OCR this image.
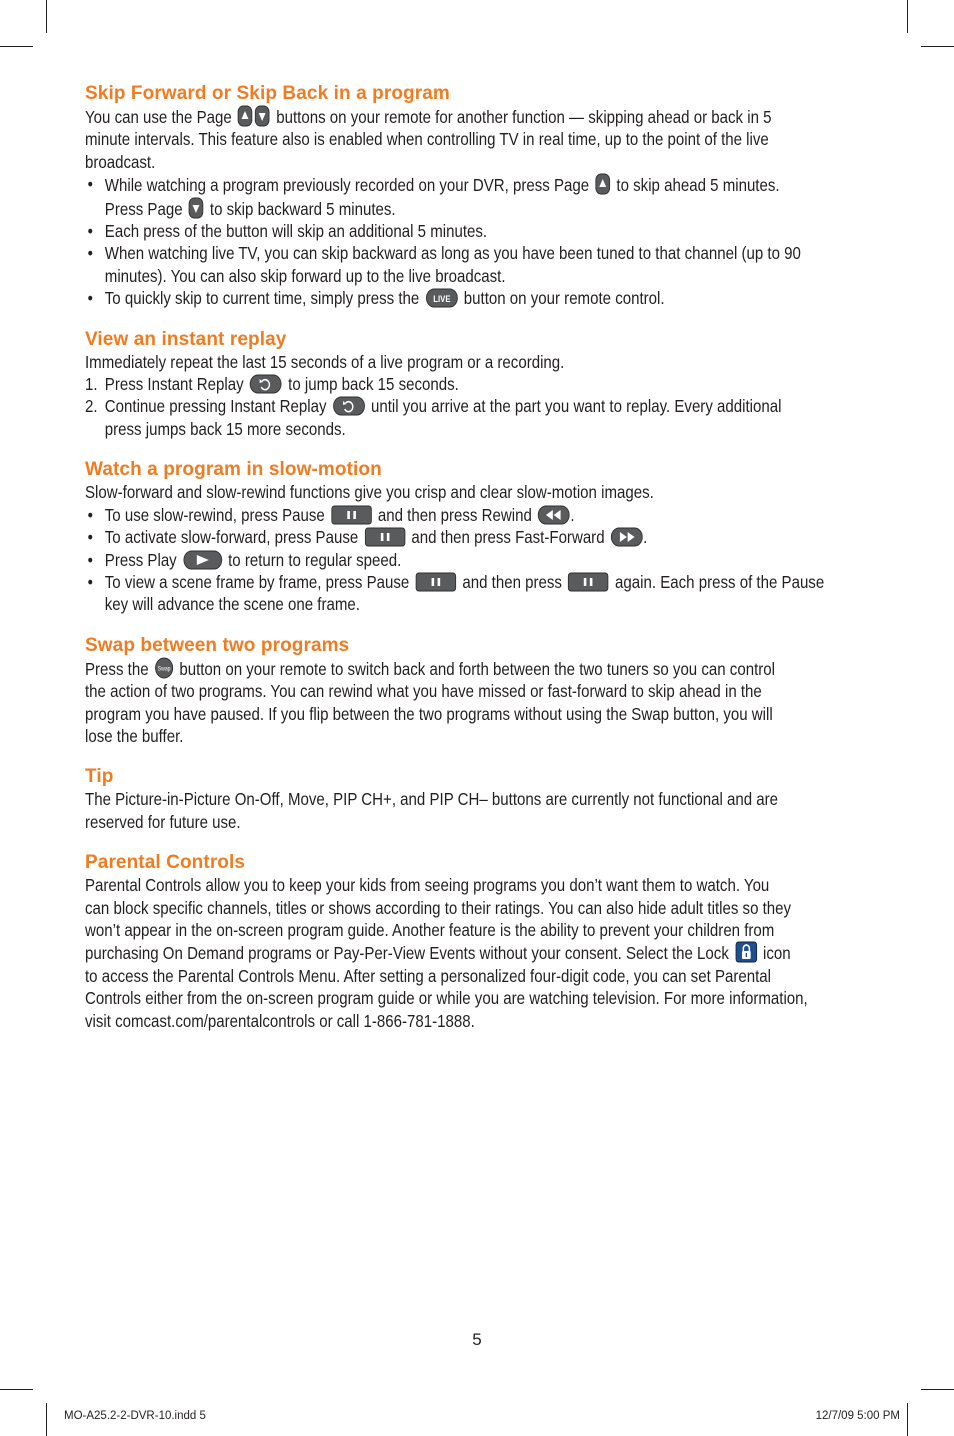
Skip Forward or Skip Back in a program
You can use the Page	buttons on your remote for another function — skipping ahead or back in 5
minute intervals. This feature also is enabled when controlling TV in real time, up to the point of the live
broadcast.
• While watching a program previously recorded on your DVR, press Page to skip ahead 5 minutes.
Press Page to skip backward 5 minutes.
• Each press of the button will skip an additional 5 minutes.
• When watching live TV, you can skip backward as long as you have been tuned to that channel (up to 90
minutes). You can also skip forward up to the live broadcast.
• To quickly skip to current time, simply press the LIVE button on your remote control.
View an instant replay
Immediately repeat the last 15 seconds of a live program or a recording.
1. Press Instant Replay	to jump back 15 seconds.
2. Continue pressing Instant Replay	until you arrive at the part you want to replay. Every additional
press jumps back 15 more seconds.
Watch a program in slow-motion
Slow-forward and slow-rewind functions give you crisp and clear slow-motion images.
• To use slow-rewind, press Pause	and then press Rewind .
• To activate slow-forward, press Pause	and then press Fast-Forward .
• Press Play	to return to regular speed.
• To view a scene frame by frame, press Pause	and then press	again. Each press of the Pause
key will advance the scene one frame.
Swap between two programs
Press the Swap button on your remote to switch back and forth between the two tuners so you can control
the action of two programs. You can rewind what you have missed or fast-forward to skip ahead in the
program you have paused. If you flip between the two programs without using the Swap button, you will
lose the buffer.
Tip
The Picture-in-Picture On-Off, Move, PIP CH+, and PIP CH– buttons are currently not functional and are
reserved for future use.
Parental Controls
Parental Controls allow you to keep your kids from seeing programs you don’t want them to watch. You
can block specific channels, titles or shows according to their ratings. You can also hide adult titles so they
won’t appear in the on-screen program guide. Another feature is the ability to prevent your children from
purchasing On Demand programs or Pay-Per-View Events without your consent. Select the Lock icon
to access the Parental Controls Menu. After setting a personalized four-digit code, you can set Parental
Controls either from the on-screen program guide or while you are watching television. For more information,
visit comcast.com/parentalcontrols or call 1-866-781-1888.
5
MO-A25.2-2-DVR-10.indd 5	12/7/09 5:00 PM
